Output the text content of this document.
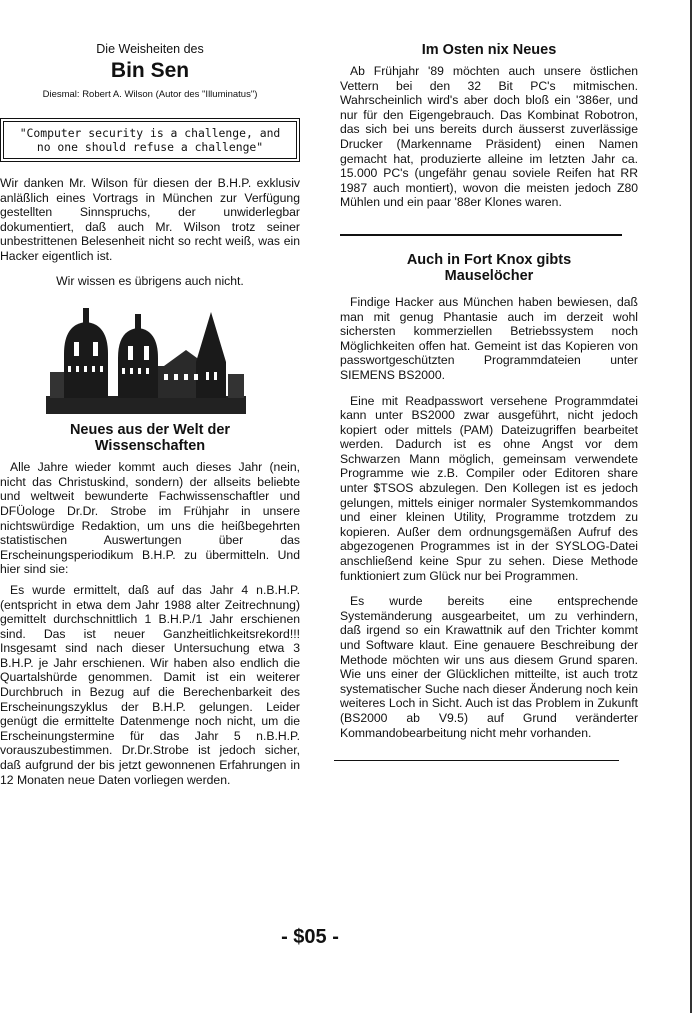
Die Weisheiten des
Bin Sen
Diesmal: Robert A. Wilson (Autor des "Illuminatus")
"Computer security is a challenge, and
no one should refuse a challenge"

Wir danken Mr. Wilson für diesen der B.H.P. exklusiv anläßlich eines Vortrags in München zur Verfügung gestellten Sinnspruchs, der unwiderlegbar dokumentiert, daß auch Mr. Wilson trotz seiner unbestrittenen Belesenheit nicht so recht weiß, was ein Hacker eigentlich ist.

Wir wissen es übrigens auch nicht.

Neues aus der Welt der
Wissenschaften

Alle Jahre wieder kommt auch dieses Jahr (nein, nicht das Christuskind, sondern) der allseits beliebte und weltweit bewunderte Fachwissenschaftler und DFÜologe Dr.Dr. Strobe im Frühjahr in unsere nichtswürdige Redaktion, um uns die heißbegehrten statistischen Auswertungen über das Erscheinungsperiodikum B.H.P. zu übermitteln. Und hier sind sie:

Es wurde ermittelt, daß auf das Jahr 4 n.B.H.P. (entspricht in etwa dem Jahr 1988 alter Zeitrechnung) gemittelt durchschnittlich 1 B.H.P./1 Jahr erschienen sind. Das ist neuer Ganzheitlichkeitsrekord!!! Insgesamt sind nach dieser Untersuchung etwa 3 B.H.P. je Jahr erschienen. Wir haben also endlich die Quartalshürde genommen. Damit ist ein weiterer Durchbruch in Bezug auf die Berechenbarkeit des Erscheinungszyklus der B.H.P. gelungen. Leider genügt die ermittelte Datenmenge noch nicht, um die Erscheinungstermine für das Jahr 5 n.B.H.P. vorauszubestimmen. Dr.Dr.Strobe ist jedoch sicher, daß aufgrund der bis jetzt gewonnenen Erfahrungen in 12 Monaten neue Daten vorliegen werden.

Im Osten nix Neues

Ab Frühjahr '89 möchten auch unsere östlichen Vettern bei den 32 Bit PC's mitmischen. Wahrscheinlich wird's aber doch bloß ein '386er, und nur für den Eigengebrauch. Das Kombinat Robotron, das sich bei uns bereits durch äusserst zuverlässige Drucker (Markenname Präsident) einen Namen gemacht hat, produzierte alleine im letzten Jahr ca. 15.000 PC's (ungefähr genau soviele Reifen hat RR 1987 auch montiert), wovon die meisten jedoch Z80 Mühlen und ein paar '88er Klones waren.

Auch in Fort Knox gibts
Mauselöcher

Findige Hacker aus München haben bewiesen, daß man mit genug Phantasie auch im derzeit wohl sichersten kommerziellen Betriebssystem noch Möglichkeiten offen hat. Gemeint ist das Kopieren von passwortgeschützten Programmdateien unter SIEMENS BS2000.

Eine mit Readpasswort versehene Programmdatei kann unter BS2000 zwar ausgeführt, nicht jedoch kopiert oder mittels (PAM) Dateizugriffen bearbeitet werden. Dadurch ist es ohne Angst vor dem Schwarzen Mann möglich, gemeinsam verwendete Programme wie z.B. Compiler oder Editoren share unter $TSOS abzulegen. Den Kollegen ist es jedoch gelungen, mittels einiger normaler Systemkommandos und einer kleinen Utility, Programme trotzdem zu kopieren. Außer dem ordnungsgemäßen Aufruf des abgezogenen Programmes ist in der SYSLOG-Datei anschließend keine Spur zu sehen. Diese Methode funktioniert zum Glück nur bei Programmen.

Es wurde bereits eine entsprechende Systemänderung ausgearbeitet, um zu verhindern, daß irgend so ein Krawattnik auf den Trichter kommt und Software klaut. Eine genauere Beschreibung der Methode möchten wir uns aus diesem Grund sparen. Wie uns einer der Glücklichen mitteilte, ist auch trotz systematischer Suche nach dieser Änderung noch kein weiteres Loch in Sicht. Auch ist das Problem in Zukunft (BS2000 ab V9.5) auf Grund veränderter Kommandobearbeitung nicht mehr vorhanden.

- $05 -
